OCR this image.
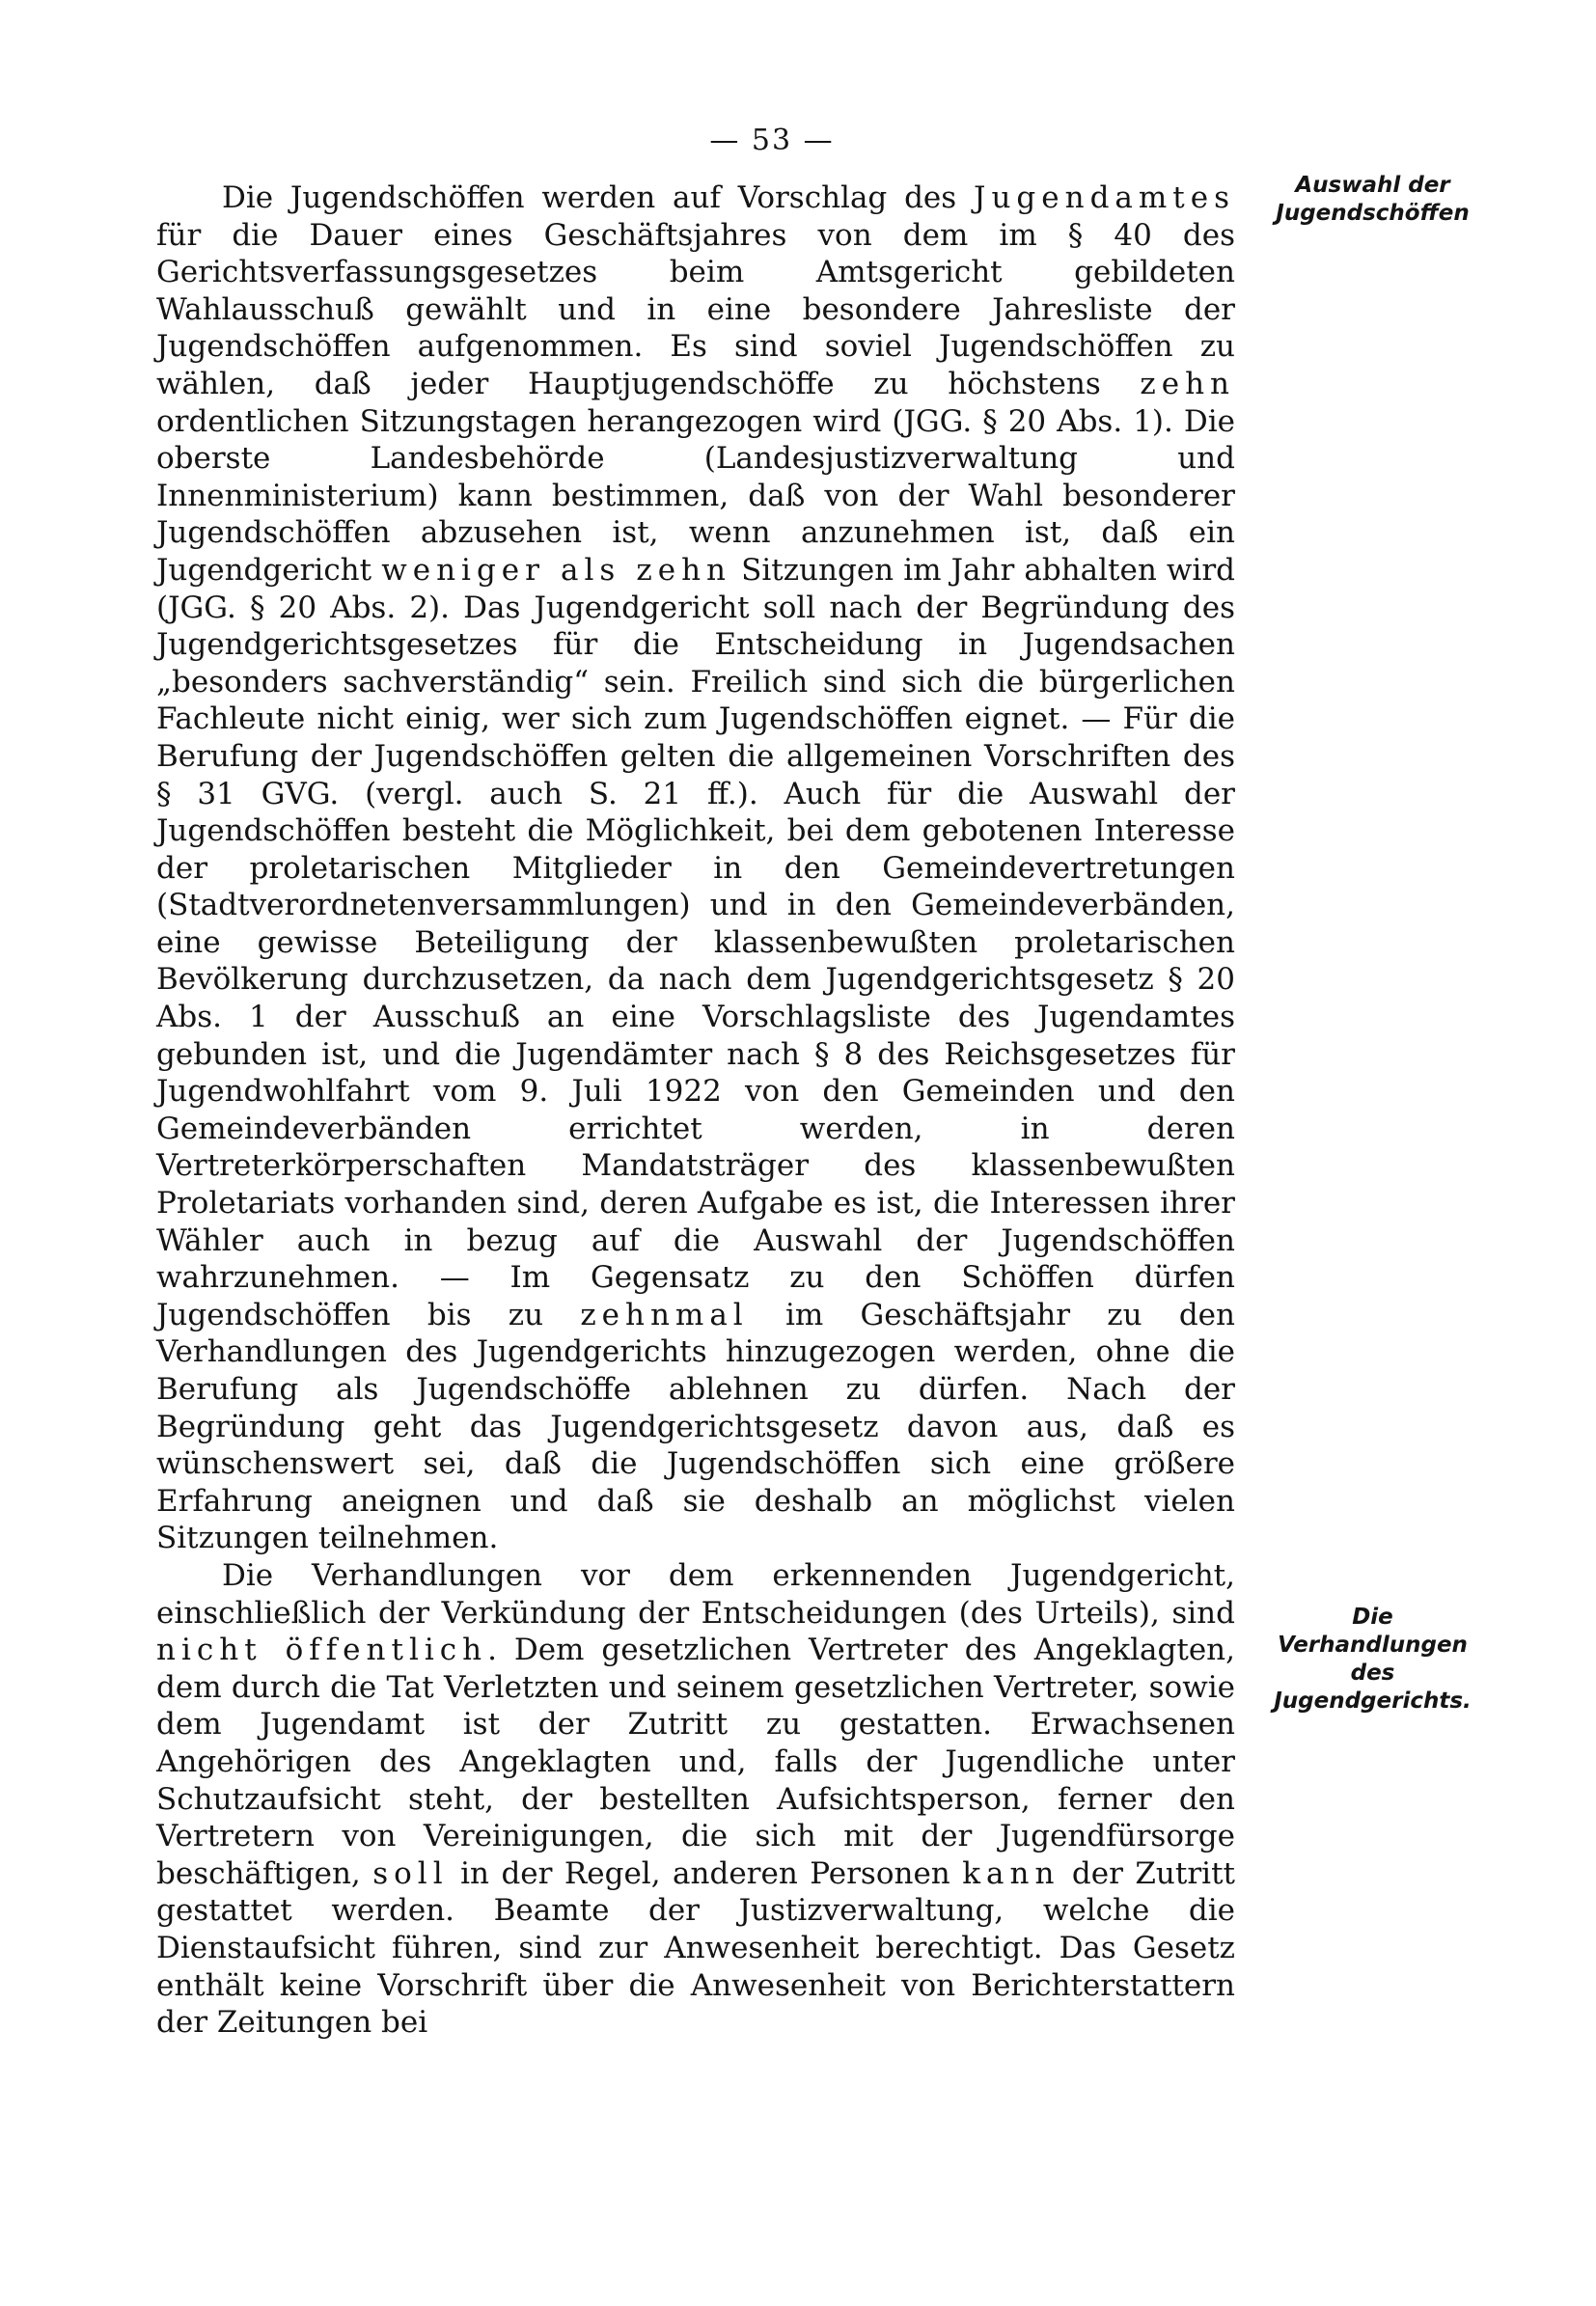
— 53 —

Die Jugendschöffen werden auf Vorschlag des Jugendamtes für die Dauer eines Geschäftsjahres von dem im § 40 des Gerichtsverfassungsgesetzes beim Amtsgericht gebildeten Wahlausschuß gewählt und in eine besondere Jahresliste der Jugendschöffen aufgenommen. Es sind soviel Jugendschöffen zu wählen, daß jeder Hauptjugendschöffe zu höchstens zehn ordentlichen Sitzungstagen herangezogen wird (JGG. § 20 Abs. 1). Die oberste Landesbehörde (Landesjustizverwaltung und Innenministerium) kann bestimmen, daß von der Wahl besonderer Jugendschöffen abzusehen ist, wenn anzunehmen ist, daß ein Jugendgericht weniger als zehn Sitzungen im Jahr abhalten wird (JGG. § 20 Abs. 2). Das Jugendgericht soll nach der Begründung des Jugendgerichtsgesetzes für die Entscheidung in Jugendsachen „besonders sachverständig“ sein. Freilich sind sich die bürgerlichen Fachleute nicht einig, wer sich zum Jugendschöffen eignet. — Für die Berufung der Jugendschöffen gelten die allgemeinen Vorschriften des § 31 GVG. (vergl. auch S. 21 ff.). Auch für die Auswahl der Jugendschöffen besteht die Möglichkeit, bei dem gebotenen Interesse der proletarischen Mitglieder in den Gemeindevertretungen (Stadtverordnetenversammlungen) und in den Gemeindeverbänden, eine gewisse Beteiligung der klassenbewußten proletarischen Bevölkerung durchzusetzen, da nach dem Jugendgerichtsgesetz § 20 Abs. 1 der Ausschuß an eine Vorschlagsliste des Jugendamtes gebunden ist, und die Jugendämter nach § 8 des Reichsgesetzes für Jugendwohlfahrt vom 9. Juli 1922 von den Gemeinden und den Gemeindeverbänden errichtet werden, in deren Vertreterkörperschaften Mandatsträger des klassenbewußten Proletariats vorhanden sind, deren Aufgabe es ist, die Interessen ihrer Wähler auch in bezug auf die Auswahl der Jugendschöffen wahrzunehmen. — Im Gegensatz zu den Schöffen dürfen Jugendschöffen bis zu zehnmal im Geschäftsjahr zu den Verhandlungen des Jugendgerichts hinzugezogen werden, ohne die Berufung als Jugendschöffe ablehnen zu dürfen. Nach der Begründung geht das Jugendgerichtsgesetz davon aus, daß es wünschenswert sei, daß die Jugendschöffen sich eine größere Erfahrung aneignen und daß sie deshalb an möglichst vielen Sitzungen teilnehmen.

Die Verhandlungen vor dem erkennenden Jugendgericht, einschließlich der Verkündung der Entscheidungen (des Urteils), sind nicht öffentlich. Dem gesetzlichen Vertreter des Angeklagten, dem durch die Tat Verletzten und seinem gesetzlichen Vertreter, sowie dem Jugendamt ist der Zutritt zu gestatten. Erwachsenen Angehörigen des Angeklagten und, falls der Jugendliche unter Schutzaufsicht steht, der bestellten Aufsichtsperson, ferner den Vertretern von Vereinigungen, die sich mit der Jugendfürsorge beschäftigen, soll in der Regel, anderen Personen kann der Zutritt gestattet werden. Beamte der Justizverwaltung, welche die Dienstaufsicht führen, sind zur Anwesenheit berechtigt. Das Gesetz enthält keine Vorschrift über die Anwesenheit von Berichterstattern der Zeitungen bei

Auswahl der Jugendschöffen
Die Verhandlungen des Jugendgerichts.
